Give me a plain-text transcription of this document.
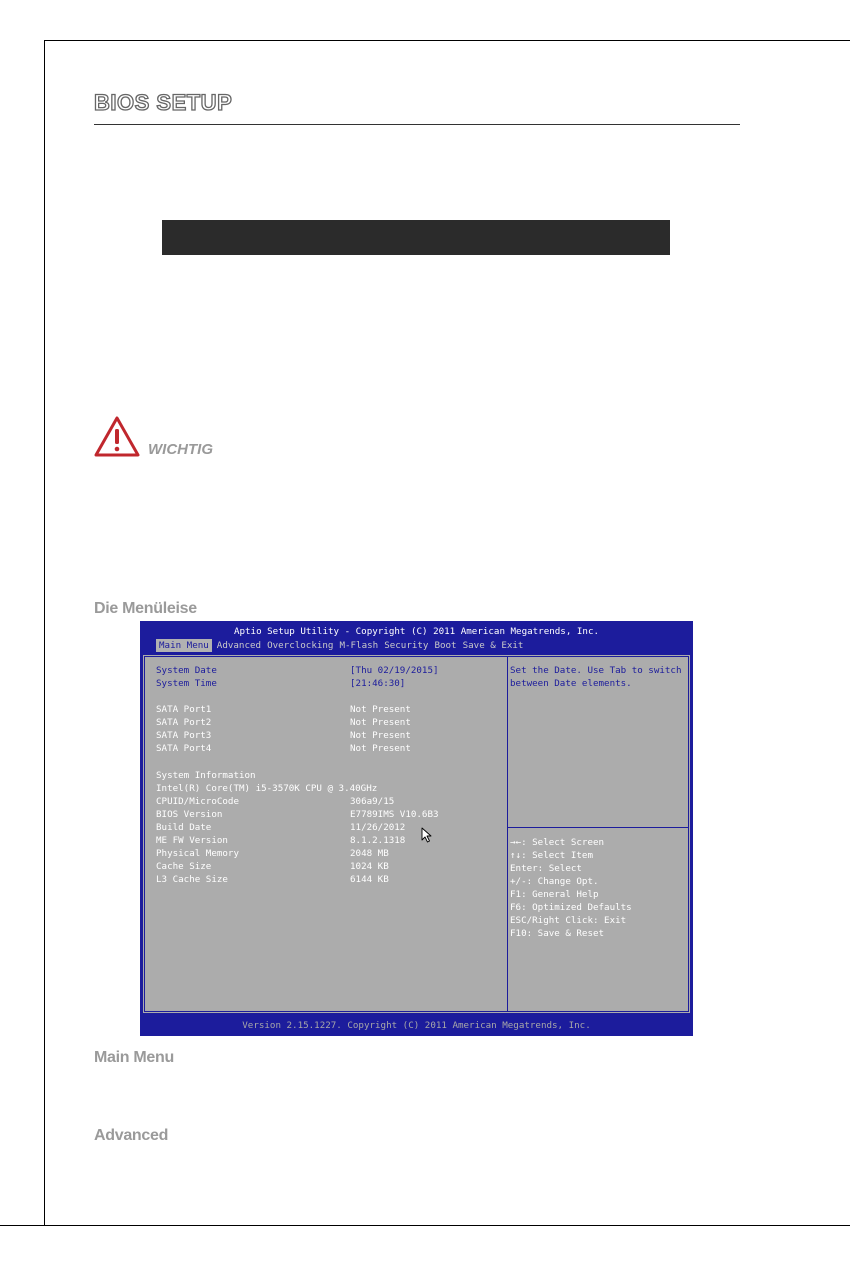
BIOS SETUP
WICHTIG
Die Menüleise
Aptio Setup Utility - Copyright (C) 2011 American Megatrends, Inc.
Main Menu Advanced Overclocking M-Flash Security Boot Save & Exit
System Date	[Thu 02/19/2015]
System Time	[21:46:30]
SATA Port1	Not Present
SATA Port2	Not Present
SATA Port3	Not Present
SATA Port4	Not Present
System Information
Intel(R) Core(TM) i5-3570K CPU @ 3.40GHz
CPUID/MicroCode	306a9/15
BIOS Version	E7789IMS V10.6B3
Build Date	11/26/2012
ME FW Version	8.1.2.1318
Physical Memory	2048 MB
Cache Size	1024 KB
L3 Cache Size	6144 KB
Set the Date. Use Tab to switch between Date elements.
→←: Select Screen
↑↓: Select Item
Enter: Select
+/-: Change Opt.
F1: General Help
F6: Optimized Defaults
ESC/Right Click: Exit
F10: Save & Reset
Version 2.15.1227. Copyright (C) 2011 American Megatrends, Inc.
Main Menu
Advanced
